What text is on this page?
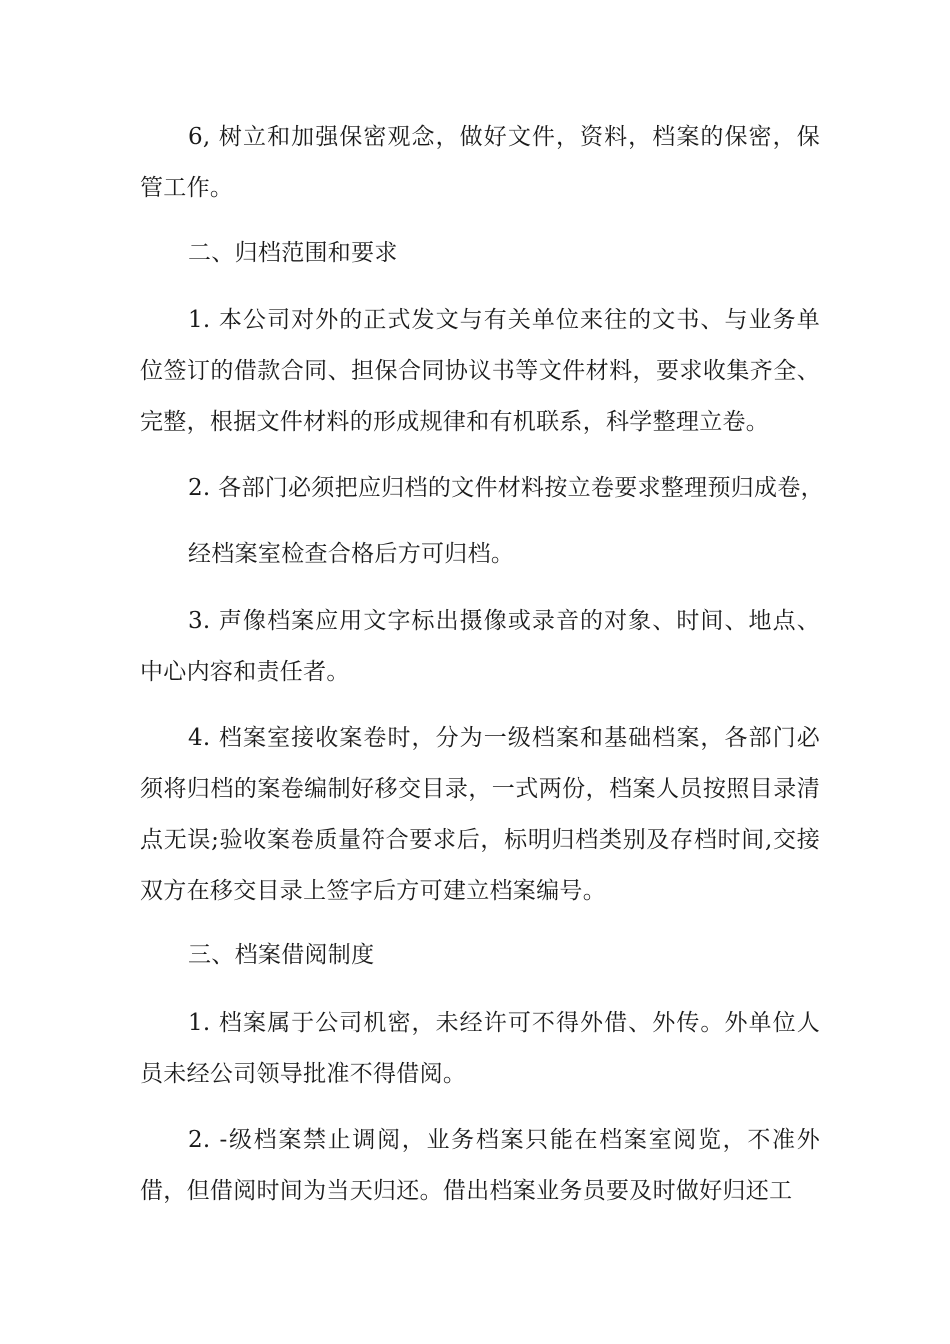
6, 树立和加强保密观念，做好文件，资料，档案的保密，保管工作。

二、归档范围和要求

1. 本公司对外的正式发文与有关单位来往的文书、与业务单位签订的借款合同、担保合同协议书等文件材料，要求收集齐全、完整，根据文件材料的形成规律和有机联系，科学整理立卷。

2. 各部门必须把应归档的文件材料按立卷要求整理预归成卷，

经档案室检查合格后方可归档。

3. 声像档案应用文字标出摄像或录音的对象、时间、地点、中心内容和责任者。

4. 档案室接收案卷时，分为一级档案和基础档案，各部门必须将归档的案卷编制好移交目录，一式两份，档案人员按照目录清点无误;验收案卷质量符合要求后，标明归档类别及存档时间,交接双方在移交目录上签字后方可建立档案编号。

三、档案借阅制度

1. 档案属于公司机密，未经许可不得外借、外传。外单位人员未经公司领导批准不得借阅。

2. -级档案禁止调阅，业务档案只能在档案室阅览，不准外借，但借阅时间为当天归还。借出档案业务员要及时做好归还工
